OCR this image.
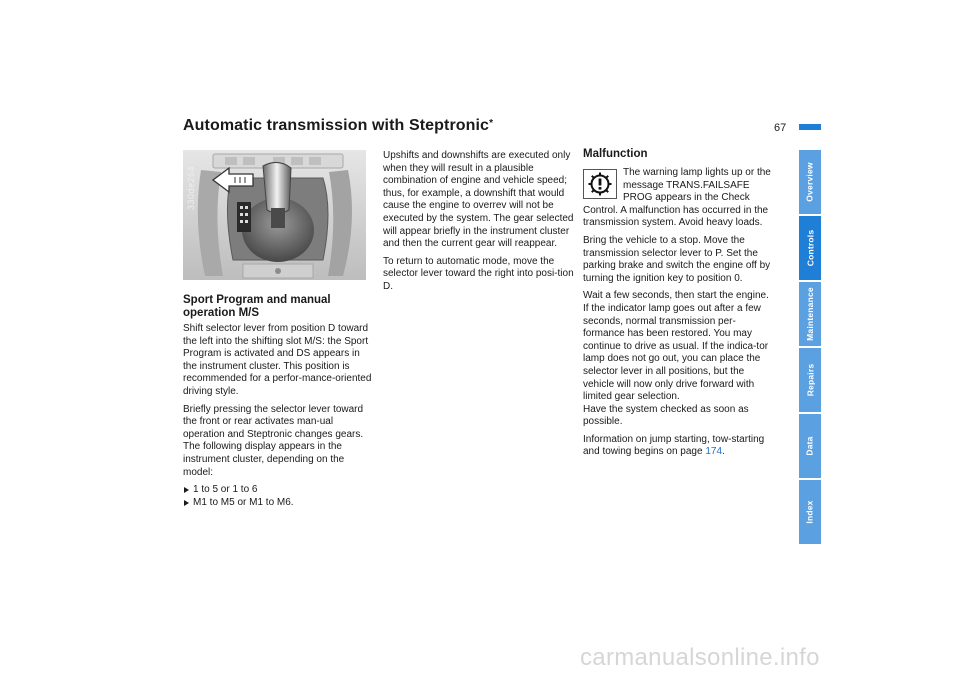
Automatic transmission with Steptronic*	67
330de264
Sport Program and manual operation M/S

Shift selector lever from position D toward the left into the shifting slot M/S: the Sport Program is activated and DS appears in the instrument cluster. This position is recommended for a perfor-mance-oriented driving style.

Briefly pressing the selector lever toward the front or rear activates man-ual operation and Steptronic changes gears. The following display appears in the instrument cluster, depending on the model:

1 to 5 or 1 to 6
M1 to M5 or M1 to M6.

Upshifts and downshifts are executed only when they will result in a plausible combination of engine and vehicle speed; thus, for example, a downshift that would cause the engine to overrev will not be executed by the system. The gear selected will appear briefly in the instrument cluster and then the current gear will reappear.

To return to automatic mode, move the selector lever toward the right into posi-tion D.

Malfunction

The warning lamp lights up or the message TRANS.FAILSAFE PROG appears in the Check Control. A malfunction has occurred in the transmission system. Avoid heavy loads.

Bring the vehicle to a stop. Move the transmission selector lever to P. Set the parking brake and switch the engine off by turning the ignition key to position 0.

Wait a few seconds, then start the engine.
If the indicator lamp goes out after a few seconds, normal transmission per-formance has been restored. You may continue to drive as usual. If the indica-tor lamp does not go out, you can place the selector lever in all positions, but the vehicle will now only drive forward with limited gear selection.
Have the system checked as soon as possible.

Information on jump starting, tow-starting and towing begins on page 174.

Overview
Controls
Maintenance
Repairs
Data
Index
carmanualsonline.info
